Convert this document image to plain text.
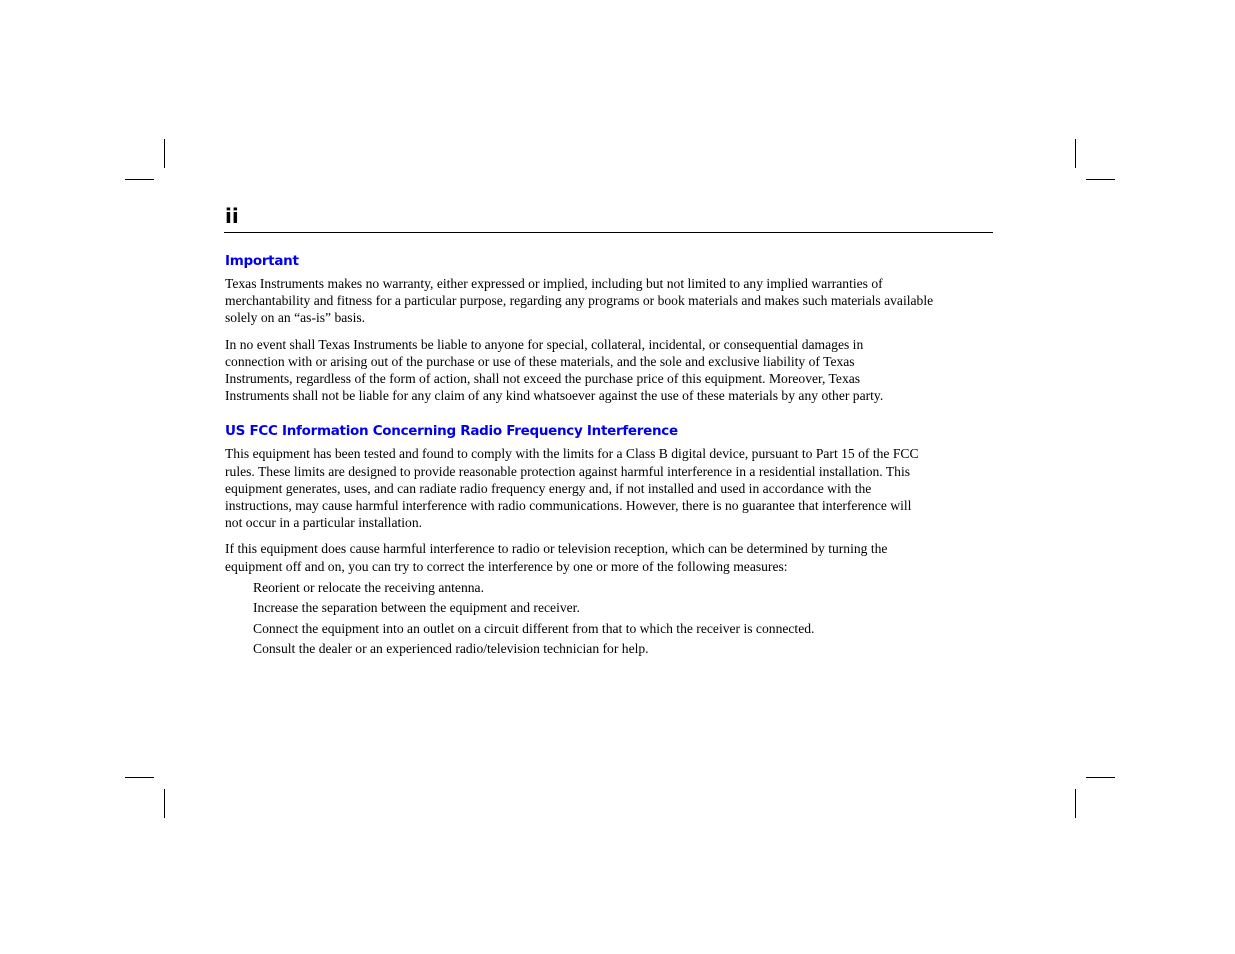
ii
Important

Texas Instruments makes no warranty, either expressed or implied, including but not limited to any implied warranties of
merchantability and fitness for a particular purpose, regarding any programs or book materials and makes such materials available
solely on an “as-is” basis.

In no event shall Texas Instruments be liable to anyone for special, collateral, incidental, or consequential damages in
connection with or arising out of the purchase or use of these materials, and the sole and exclusive liability of Texas
Instruments, regardless of the form of action, shall not exceed the purchase price of this equipment. Moreover, Texas
Instruments shall not be liable for any claim of any kind whatsoever against the use of these materials by any other party.

US FCC Information Concerning Radio Frequency Interference

This equipment has been tested and found to comply with the limits for a Class B digital device, pursuant to Part 15 of the FCC
rules. These limits are designed to provide reasonable protection against harmful interference in a residential installation. This
equipment generates, uses, and can radiate radio frequency energy and, if not installed and used in accordance with the
instructions, may cause harmful interference with radio communications. However, there is no guarantee that interference will
not occur in a particular installation.

If this equipment does cause harmful interference to radio or television reception, which can be determined by turning the
equipment off and on, you can try to correct the interference by one or more of the following measures:

Reorient or relocate the receiving antenna.
Increase the separation between the equipment and receiver.
Connect the equipment into an outlet on a circuit different from that to which the receiver is connected.
Consult the dealer or an experienced radio/television technician for help.
